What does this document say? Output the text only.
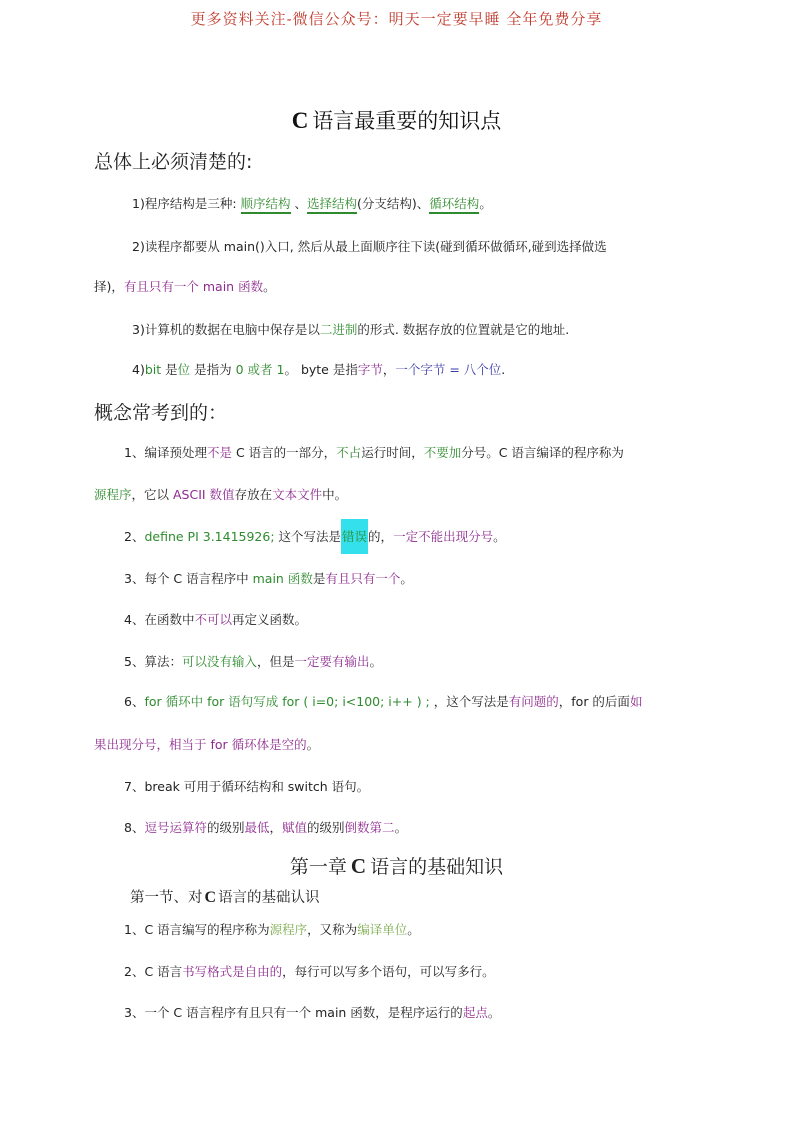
更多资料关注-微信公众号：明天一定要早睡 全年免费分享
C 语言最重要的知识点
总体上必须清楚的:
1)程序结构是三种: 顺序结构 、选择结构(分支结构)、循环结构。
2)读程序都要从 main()入口, 然后从最上面顺序往下读(碰到循环做循环,碰到选择做选
择)，有且只有一个 main 函数。
3)计算机的数据在电脑中保存是以二进制的形式. 数据存放的位置就是它的地址.
4)bit 是位 是指为 0 或者 1。 byte 是指字节，一个字节 = 八个位.
概念常考到的：
1、编译预处理不是 C 语言的一部分，不占运行时间，不要加分号。C 语言编译的程序称为
源程序，它以 ASCII 数值存放在文本文件中。
2、define PI 3.1415926; 这个写法是错误的，一定不能出现分号。
3、每个 C 语言程序中 main 函数是有且只有一个。
4、在函数中不可以再定义函数。
5、算法：可以没有输入，但是一定要有输出。
6、for 循环中 for 语句写成 for ( i=0; i<100; i++ ) ; ，这个写法是有问题的，for 的后面如
果出现分号，相当于 for 循环体是空的。
7、break 可用于循环结构和 switch 语句。
8、逗号运算符的级别最低，赋值的级别倒数第二。
第一章 C 语言的基础知识
第一节、对 C 语言的基础认识
1、C 语言编写的程序称为源程序，又称为编译单位。
2、C 语言书写格式是自由的，每行可以写多个语句，可以写多行。
3、一个 C 语言程序有且只有一个 main 函数，是程序运行的起点。
